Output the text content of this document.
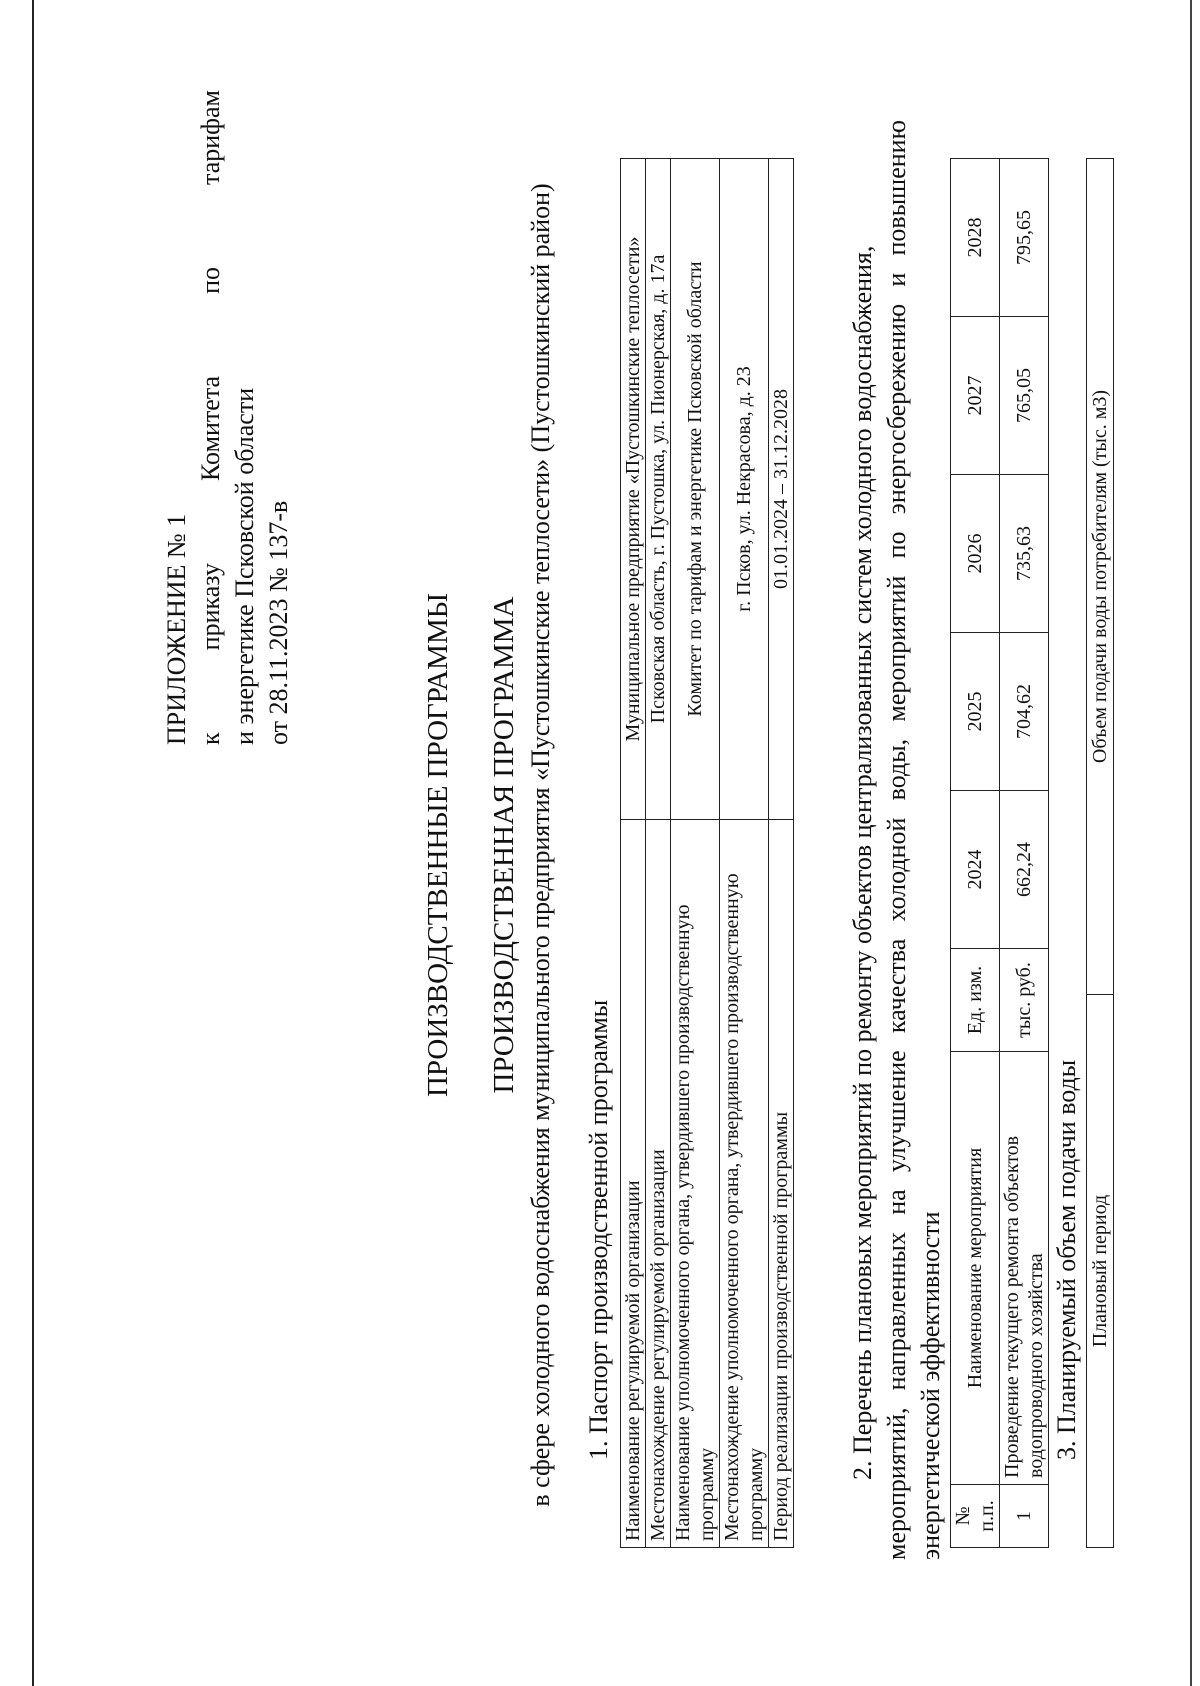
ПРИЛОЖЕНИЕ № 1 к
приказу
Комитета
по
тарифам
и энергетике Псковской области от 28.11.2023 № 137-в	ПРОИЗВОДСТВЕННЫЕ ПРОГРАММЫ ПРОИЗВОДСТВЕННАЯ ПРОГРАММА в сфере холодного водоснабжения муниципального предприятия «Пустошкинские теплосети» (Пустошкинский район) 1. Паспорт производственной программы Наименование регулируемой организации	Муниципальное предприятие «Пустошкинские теплосети»
Местонахождение регулируемой организации	Псковская область, г. Пустошка, ул. Пионерская, д. 17а
Наименование уполномоченного органа, утвердившего производственную программу	Комитет по тарифам и энергетике Псковской области
Местонахождение уполномоченного органа, утвердившего производственную программу	г. Псков, ул. Некрасова, д. 23
Период реализации производственной программы	01.01.2024 – 31.12.2028 2. Перечень плановых мероприятий по ремонту объектов централизованных систем холодного водоснабжения, мероприятий, направленных на улучшение качества холодной воды, мероприятий по энергосбережению и повышению энергетической эффективности № п.п.	Наименование мероприятия	Ед. изм.	2024	2025	2026	2027	2028
1	Проведение текущего ремонта объектов водопроводного хозяйства	тыс. руб.	662,24	704,62	735,63	765,05	795,65
3. Планируемый объем подачи воды Плановый период	Объем подачи воды потребителям (тыс. м3)
